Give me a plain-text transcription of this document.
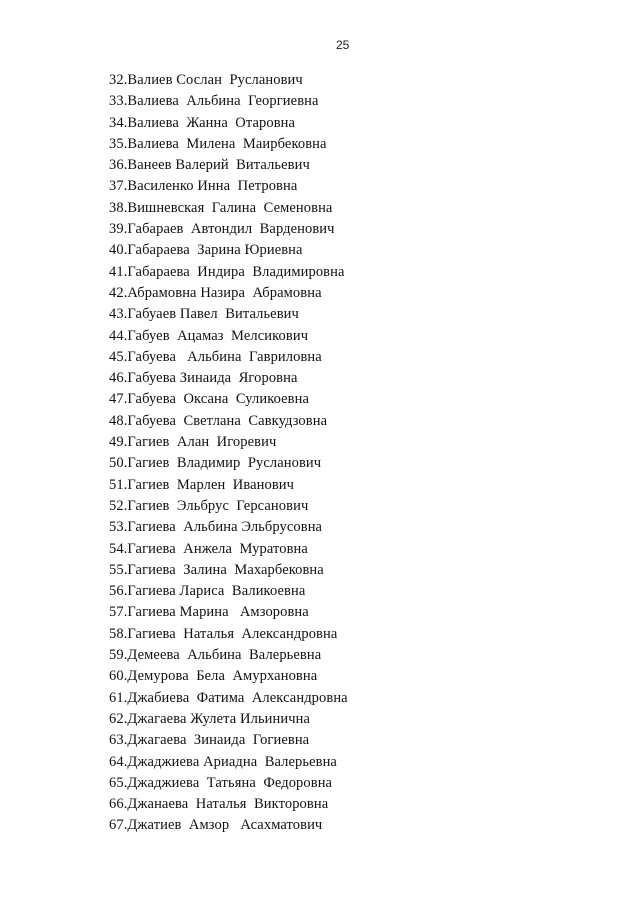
25
32.Валиев Сослан  Русланович
33.Валиева  Альбина  Георгиевна
34.Валиева  Жанна  Отаровна
35.Валиева  Милена  Маирбековна
36.Ванеев Валерий  Витальевич
37.Василенко Инна  Петровна
38.Вишневская  Галина  Семеновна
39.Габараев  Автондил  Варденович
40.Габараева  Зарина Юриевна
41.Габараева  Индира  Владимировна
42.Абрамовна Назира  Абрамовна
43.Габуаев Павел  Витальевич
44.Габуев  Ацамаз  Мелсикович
45.Габуева   Альбина  Гавриловна
46.Габуева Зинаида  Ягоровна
47.Габуева  Оксана  Суликоевна
48.Габуева  Светлана  Савкудзовна
49.Гагиев  Алан  Игоревич
50.Гагиев  Владимир  Русланович
51.Гагиев  Марлен  Иванович
52.Гагиев  Эльбрус  Герсанович
53.Гагиева  Альбина Эльбрусовна
54.Гагиева  Анжела  Муратовна
55.Гагиева  Залина  Махарбековна
56.Гагиева Лариса  Валикоевна
57.Гагиева Марина   Амзоровна
58.Гагиева  Наталья  Александровна
59.Демеева  Альбина  Валерьевна
60.Демурова  Бела  Амурхановна
61.Джабиева  Фатима  Александровна
62.Джагаева Жулета Ильинична
63.Джагаева  Зинаида  Гогиевна
64.Джаджиева Ариадна  Валерьевна
65.Джаджиева  Татьяна  Федоровна
66.Джанаева  Наталья  Викторовна
67.Джатиев  Амзор   Асахматович
